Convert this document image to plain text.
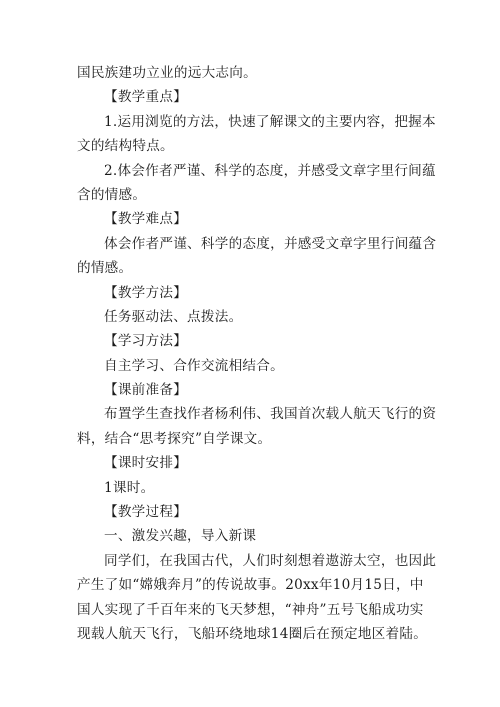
国民族建功立业的远大志向。
【教学重点】
1.运用浏览的方法，快速了解课文的主要内容，把握本
文的结构特点。
2.体会作者严谨、科学的态度，并感受文章字里行间蕴
含的情感。
【教学难点】
体会作者严谨、科学的态度，并感受文章字里行间蕴含
的情感。
【教学方法】
任务驱动法、点拨法。
【学习方法】
自主学习、合作交流相结合。
【课前准备】
布置学生查找作者杨利伟、我国首次载人航天飞行的资
料，结合“思考探究”自学课文。
【课时安排】
1课时。
【教学过程】
一、激发兴趣，导入新课
同学们，在我国古代，人们时刻想着遨游太空，也因此
产生了如“嫦娥奔月”的传说故事。20xx年10月15日，中
国人实现了千百年来的飞天梦想，“神舟”五号飞船成功实
现载人航天飞行，飞船环绕地球14圈后在预定地区着陆。
